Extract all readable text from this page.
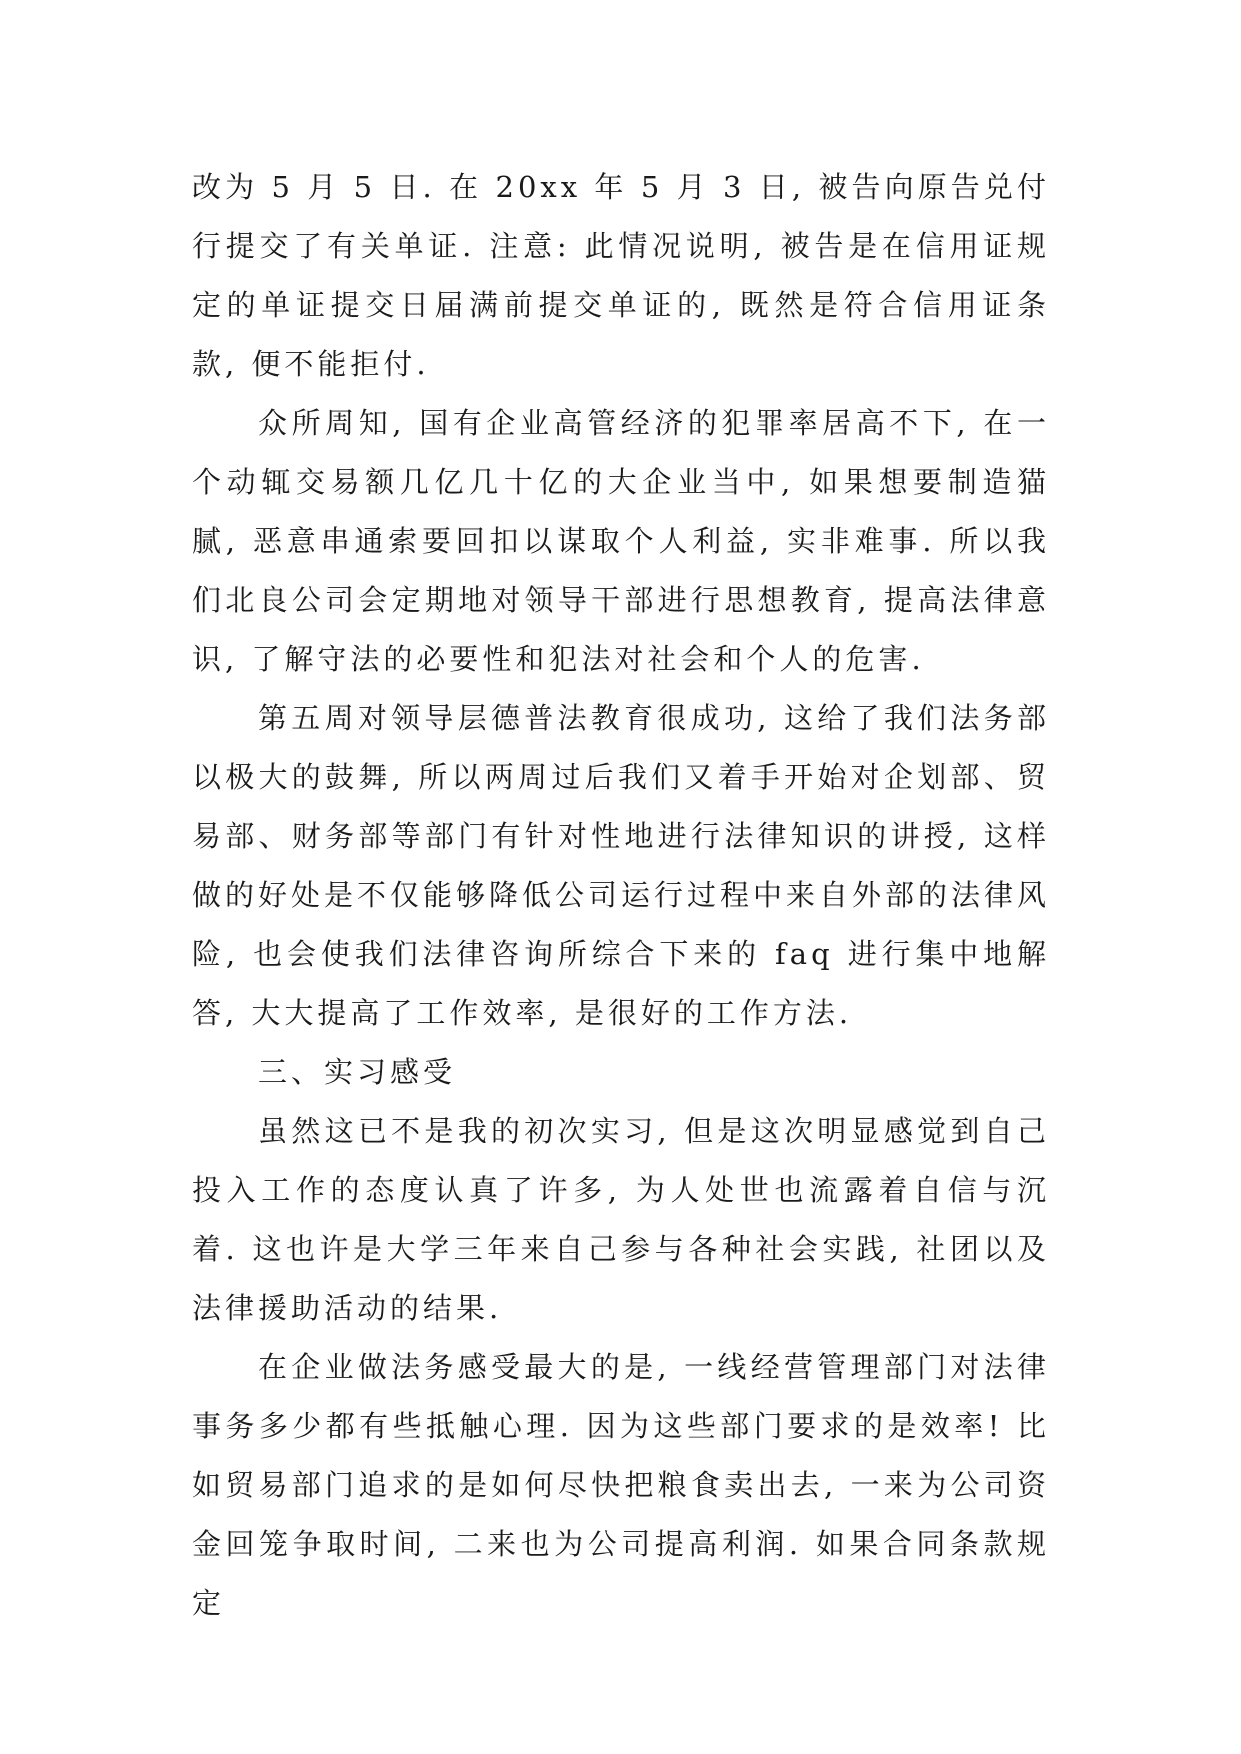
改为 5 月 5 日. 在 20xx 年 5 月 3 日, 被告向原告兑付行提交了有关单证. 注意: 此情况说明, 被告是在信用证规定的单证提交日届满前提交单证的, 既然是符合信用证条款, 便不能拒付.

众所周知, 国有企业高管经济的犯罪率居高不下, 在一个动辄交易额几亿几十亿的大企业当中, 如果想要制造猫腻, 恶意串通索要回扣以谋取个人利益, 实非难事. 所以我们北良公司会定期地对领导干部进行思想教育, 提高法律意识, 了解守法的必要性和犯法对社会和个人的危害.

第五周对领导层德普法教育很成功, 这给了我们法务部以极大的鼓舞, 所以两周过后我们又着手开始对企划部、贸易部、财务部等部门有针对性地进行法律知识的讲授, 这样做的好处是不仅能够降低公司运行过程中来自外部的法律风险, 也会使我们法律咨询所综合下来的 faq 进行集中地解答, 大大提高了工作效率, 是很好的工作方法.

三、实习感受

虽然这已不是我的初次实习, 但是这次明显感觉到自己投入工作的态度认真了许多, 为人处世也流露着自信与沉着. 这也许是大学三年来自己参与各种社会实践, 社团以及法律援助活动的结果.

在企业做法务感受最大的是, 一线经营管理部门对法律事务多少都有些抵触心理. 因为这些部门要求的是效率! 比如贸易部门追求的是如何尽快把粮食卖出去, 一来为公司资金回笼争取时间, 二来也为公司提高利润. 如果合同条款规定
